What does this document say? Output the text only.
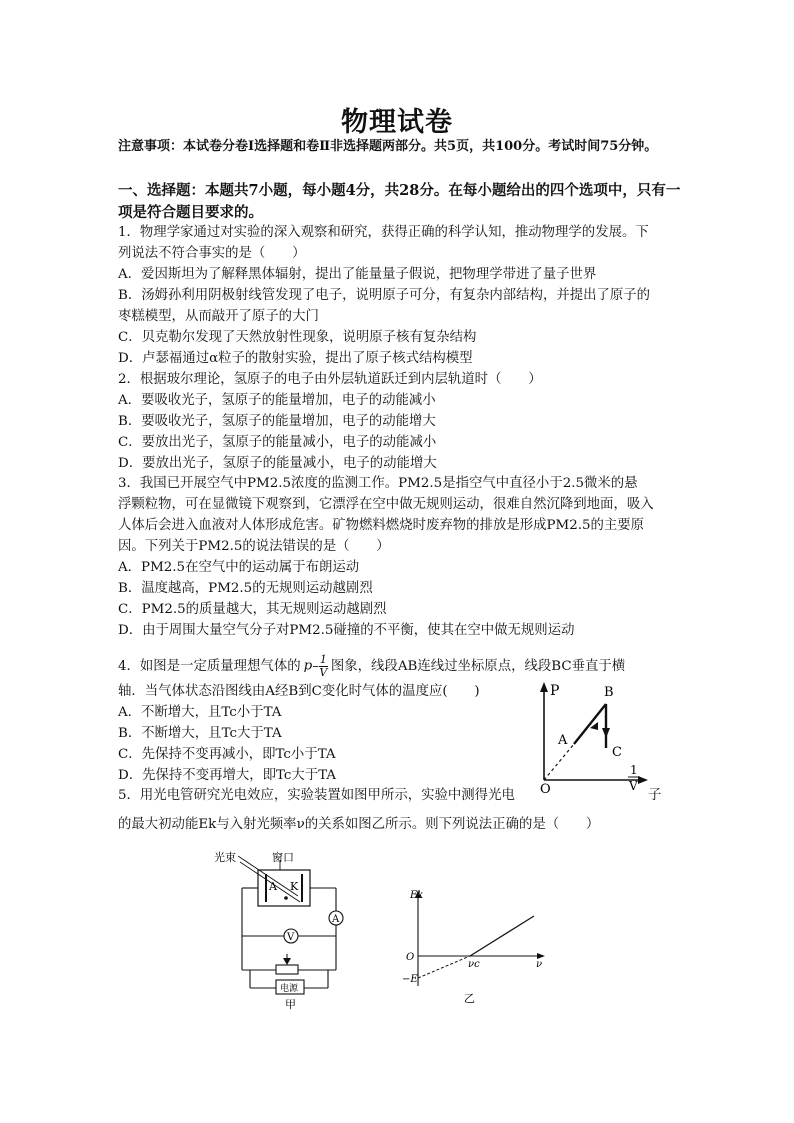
物理试卷
注意事项：本试卷分卷Ⅰ选择题和卷Ⅱ非选择题两部分。共5页，共100分。考试时间75分钟。
一、选择题：本题共7小题，每小题4分，共28分。在每小题给出的四个选项中，只有一项是符合题目要求的。
1．物理学家通过对实验的深入观察和研究，获得正确的科学认知，推动物理学的发展。下
列说法不符合事实的是（　　）
A．爱因斯坦为了解释黑体辐射，提出了能量量子假说，把物理学带进了量子世界
B．汤姆孙利用阴极射线管发现了电子，说明原子可分，有复杂内部结构，并提出了原子的
枣糕模型，从而敲开了原子的大门
C．贝克勒尔发现了天然放射性现象，说明原子核有复杂结构
D．卢瑟福通过α粒子的散射实验，提出了原子核式结构模型
2．根据玻尔理论，氢原子的电子由外层轨道跃迁到内层轨道时（　　）
A．要吸收光子，氢原子的能量增加，电子的动能减小
B．要吸收光子，氢原子的能量增加，电子的动能增大
C．要放出光子，氢原子的能量减小，电子的动能减小
D．要放出光子，氢原子的能量减小，电子的动能增大
3．我国已开展空气中PM2.5浓度的监测工作。PM2.5是指空气中直径小于2.5微米的悬
浮颗粒物，可在显微镜下观察到，它漂浮在空中做无规则运动，很难自然沉降到地面，吸入
人体后会进入血液对人体形成危害。矿物燃料燃烧时废弃物的排放是形成PM2.5的主要原
因。下列关于PM2.5的说法错误的是（　　）
A．PM2.5在空气中的运动属于布朗运动
B．温度越高，PM2.5的无规则运动越剧烈
C．PM2.5的质量越大，其无规则运动越剧烈
D．由于周围大量空气分子对PM2.5碰撞的不平衡，使其在空中做无规则运动
4．如图是一定质量理想气体的 $p- \frac{1}{V}$ 图象，线段AB连线过坐标原点，线段BC垂直于横
轴．当气体状态沿图线由A经B到C变化时气体的温度应(　　)
A．不断增大，且Tc小于TA
B．不断增大，且Tc大于TA
C．先保持不变再减小，即Tc小于TA
D．先保持不变再增大，即Tc大于TA
P
O
A
B
C
1
V
5．用光电管研究光电效应，实验装置如图甲所示，实验中测得光电	子
的最大初动能Ek与入射光频率ν的关系如图乙所示。则下列说法正确的是（　　）
光束	窗口
A K
A
V
电源
甲
Ek
O
νc	ν
−E
乙
